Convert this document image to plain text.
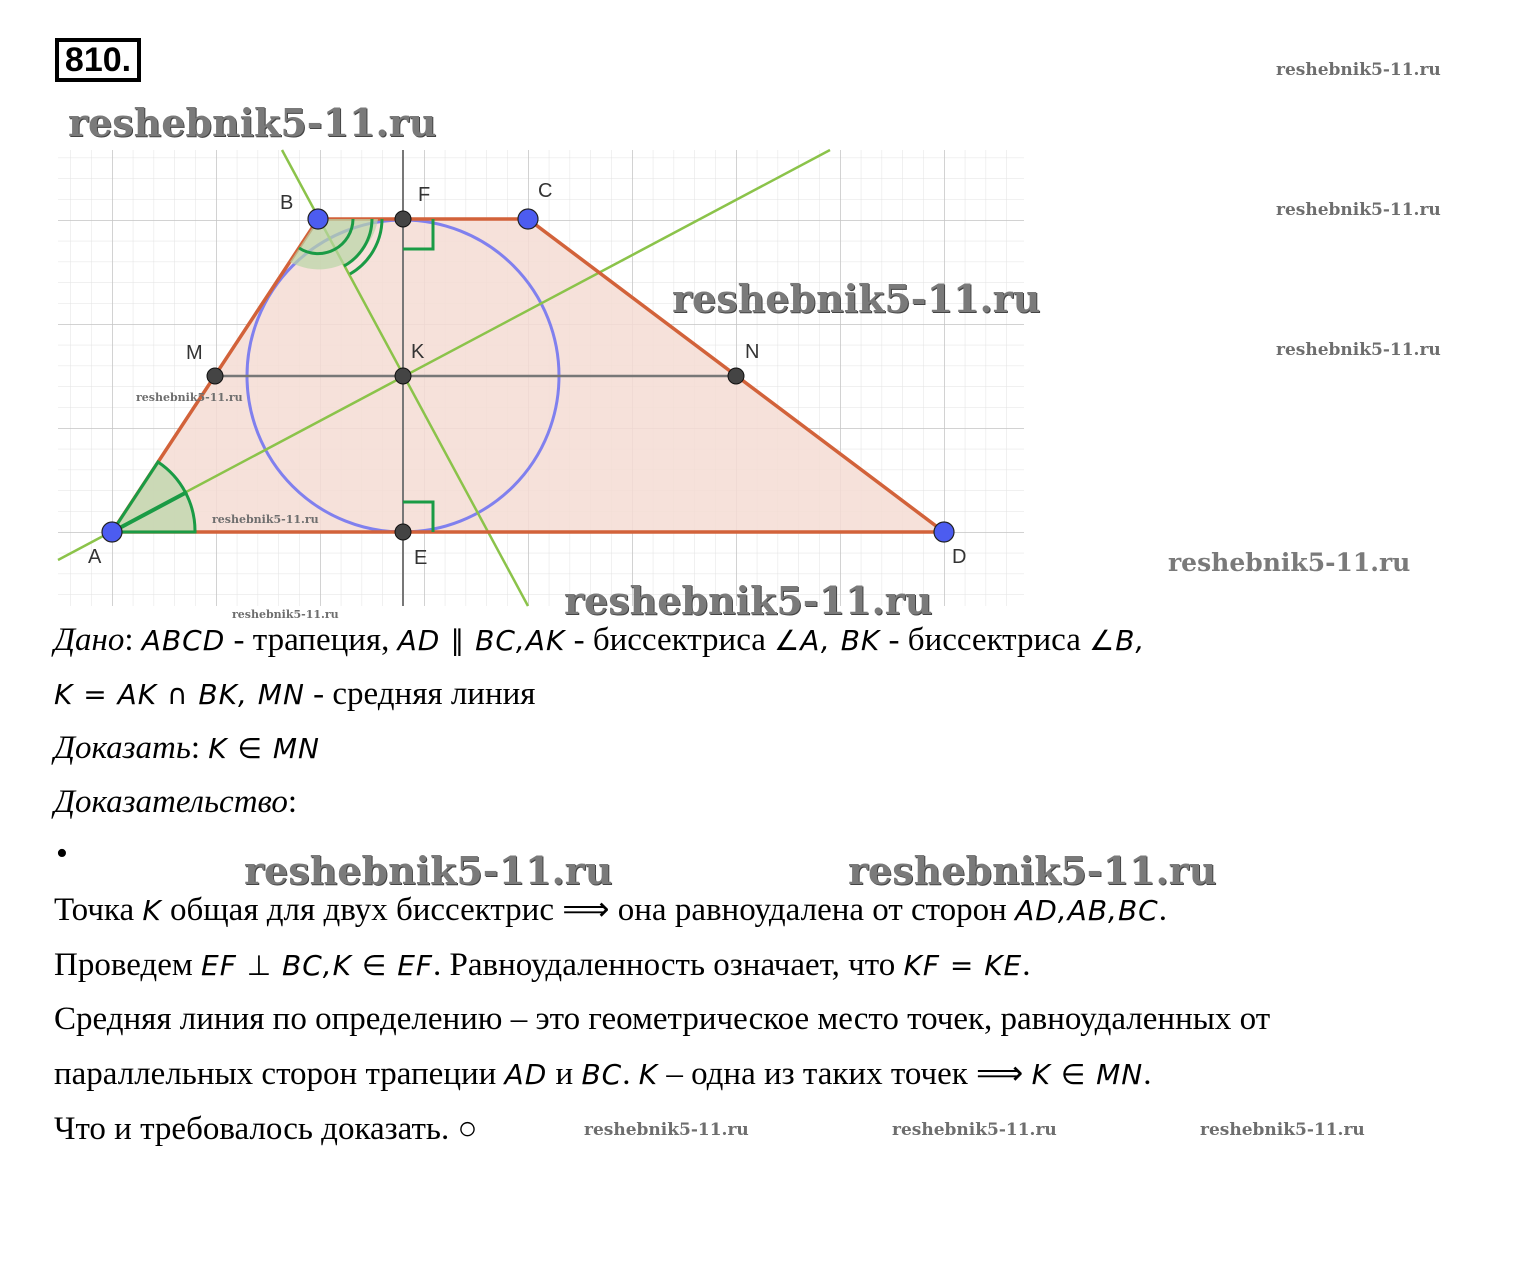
810.
A
B
C
D
F
E
M	K	N
reshebnik5-11.ru
reshebnik5-11.ru
reshebnik5-11.ru
reshebnik5-11.ru
reshebnik5-11.ru
reshebnik5-11.ru
reshebnik5-11.ru
reshebnik5-11.ru
reshebnik5-11.ru
reshebnik5-11.ru
reshebnik5-11.ru	reshebnik5-11.ru
reshebnik5-11.ru	reshebnik5-11.ru	reshebnik5-11.ru
Дано: ABCD - трапеция, AD ∥ BC,AK - биссектриса ∠A, BK - биссектриса ∠B,
K = AK ∩ BK, MN - средняя линия
Доказать: K ∈ MN
Доказательство:
•
Точка K общая для двух биссектрис ⟹ она равноудалена от сторон AD,AB,BC.
Проведем EF ⊥ BC,K ∈ EF. Равноудаленность означает, что KF = KE.
Средняя линия по определению – это геометрическое место точек, равноудаленных от
параллельных сторон трапеции AD и BC. K – одна из таких точек ⟹ K ∈ MN.
Что и требовалось доказать. ○
